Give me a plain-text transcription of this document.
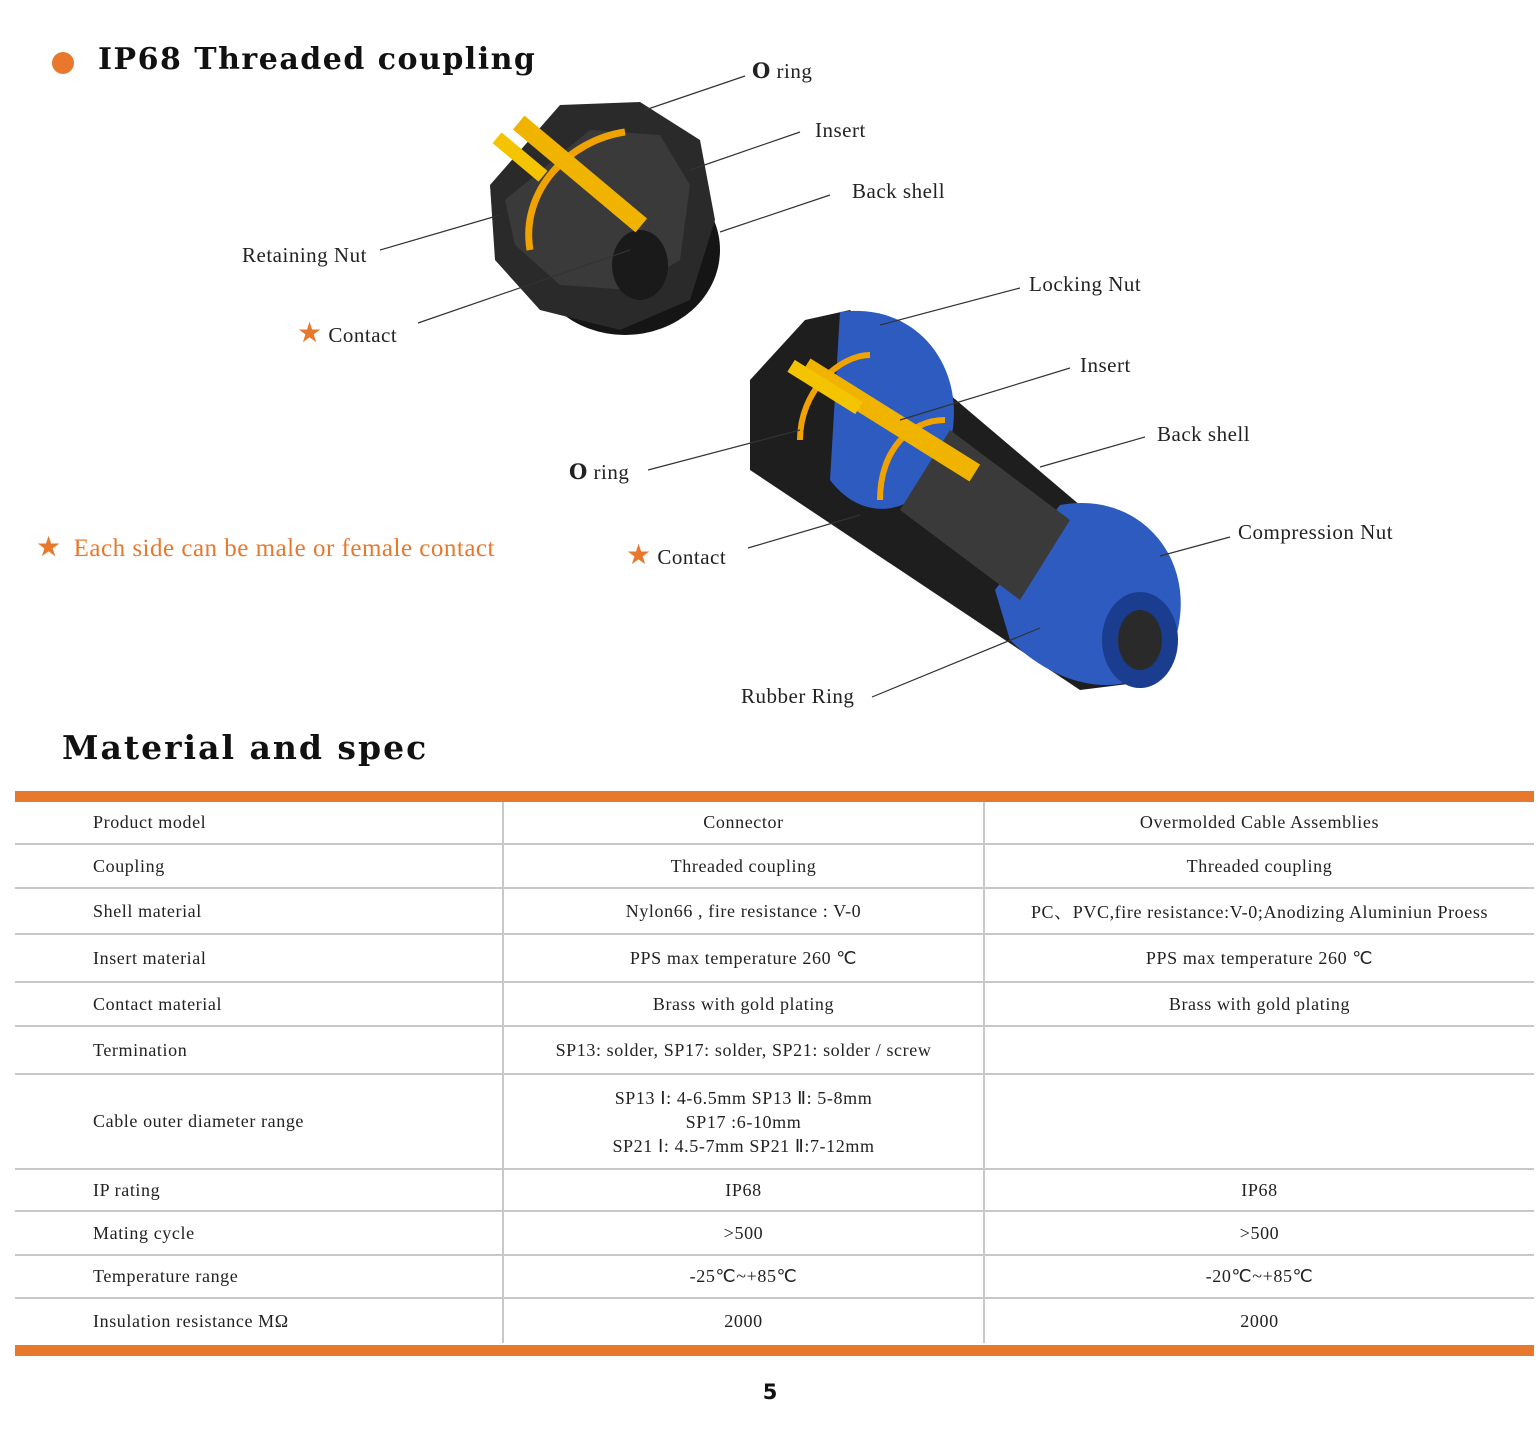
IP68 Threaded coupling	O ring
Insert
Back shell
Retaining Nut
★ Contact
Locking Nut
Insert
Back shell
O ring
Compression Nut
★ Contact
Rubber Ring
★ Each side can be male or female contact
Material and spec
Product model	Connector	Overmolded Cable Assemblies
Coupling	Threaded coupling	Threaded coupling
Shell material	Nylon66 , fire resistance : V-0	PC、PVC,fire resistance:V-0;Anodizing Aluminiun Proess
Insert material	PPS max temperature 260 ℃	PPS max temperature 260 ℃
Contact material	Brass with gold plating	Brass with gold plating
Termination	SP13: solder, SP17: solder, SP21: solder / screw	
Cable outer diameter range	SP13 Ⅰ: 4-6.5mm SP13 Ⅱ: 5-8mm
SP17 :6-10mm
SP21 Ⅰ: 4.5-7mm SP21 Ⅱ:7-12mm	

IP rating	IP68	IP68
Mating cycle	>500	>500
Temperature range	-25℃~+85℃	-20℃~+85℃
Insulation resistance MΩ	2000	2000
5
